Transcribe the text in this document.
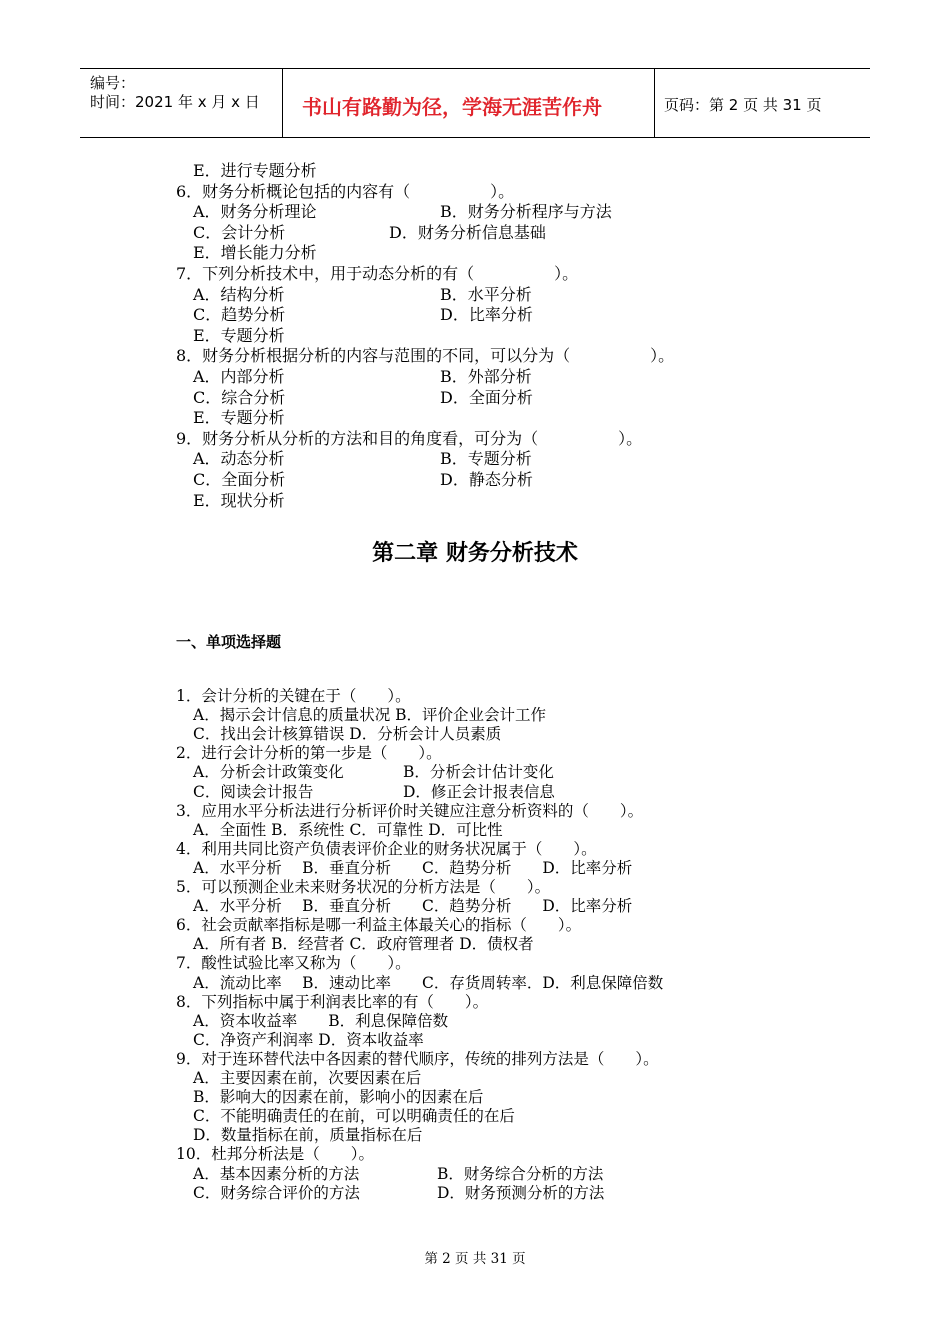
编号：
时间：2021 年 x 月 x 日 书山有路勤为径，学海无涯苦作舟	页码：第 2 页 共 31 页
E．进行专题分析
6．财务分析概论包括的内容有（　　　　　）。
A．财务分析理论	B．财务分析程序与方法
C．会计分析	D．财务分析信息基础
E．增长能力分析
7．下列分析技术中，用于动态分析的有（　　　　　）。
A．结构分析	B．水平分析
C．趋势分析	D．比率分析
E．专题分析
8．财务分析根据分析的内容与范围的不同，可以分为（　　　　　）。
A．内部分析	B．外部分析
C．综合分析	D．全面分析
E．专题分析
9．财务分析从分析的方法和目的角度看，可分为（　　　　　）。
A．动态分析	B．专题分析
C．全面分析	D．静态分析
E．现状分析
第二章 财务分析技术
一、单项选择题
1．会计分析的关键在于（　　）。
A．揭示会计信息的质量状况 B．评价企业会计工作
C．找出会计核算错误 D．分析会计人员素质
2．进行会计分析的第一步是（　　）。
A．分析会计政策变化	B．分析会计估计变化
C．阅读会计报告	D．修正会计报表信息
3．应用水平分析法进行分析评价时关键应注意分析资料的（　　）。
A．全面性 B．系统性 C．可靠性 D．可比性
4．利用共同比资产负债表评价企业的财务状况属于（　　）。
A．水平分析　 B．垂直分析　　C．趋势分析　　D．比率分析
5．可以预测企业未来财务状况的分析方法是（　　）。
A．水平分析　 B．垂直分析　　C．趋势分析　　D．比率分析
6．社会贡献率指标是哪一利益主体最关心的指标（　　）。
A．所有者 B．经营者 C．政府管理者 D．债权者
7．酸性试验比率又称为（　　）。
A．流动比率　 B．速动比率　　C．存货周转率．D．利息保障倍数
8．下列指标中属于利润表比率的有（　　）。
A．资本收益率　　B．利息保障倍数
C．净资产利润率 D．资本收益率
9．对于连环替代法中各因素的替代顺序，传统的排列方法是（　　）。
A．主要因素在前，次要因素在后
B．影响大的因素在前，影响小的因素在后
C．不能明确责任的在前，可以明确责任的在后
D．数量指标在前，质量指标在后
10．杜邦分析法是（　　）。
A．基本因素分析的方法	B．财务综合分析的方法
C．财务综合评价的方法	D．财务预测分析的方法
第 2 页 共 31 页
